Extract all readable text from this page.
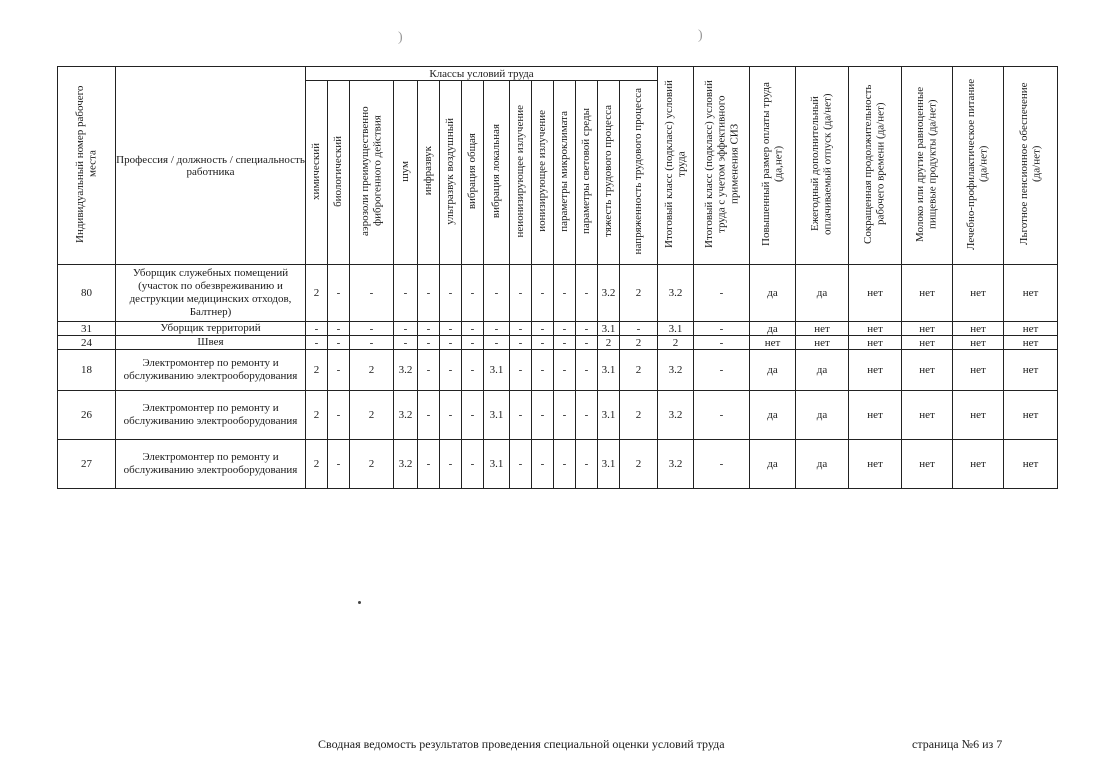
)	)
Индивидуальный номер рабочего места	Профессия / должность / специальность работника	Классы условий труда														Итоговый класс (подкласс) условий труда	Итоговый класс (подкласс) условий труда с учетом эффективного применения СИЗ	Повышенный размер оплаты труда (да,нет)	Ежегодный дополнительный оплачиваемый отпуск (да/нет)	Сокращенная продолжительность рабочего времени (да/нет)	Молоко или другие равноценные пищевые продукты (да/нет)	Лечебно-профилактическое питание (да/нет)	Льготное пенсионное обеспечение (да/нет)
		химический	биологический	аэрозоли преимущественно фиброгенного действия	шум	инфразвук	ультразвук воздушный	вибрация общая	вибрация локальная	неионизирующее излучение	ионизирующее излучение	параметры микроклимата	параметры световой среды	тяжесть трудового процесса	напряженность трудового процесса								
80	Уборщик служебных помещений (участок по обезвреживанию и деструкции медицинских отходов, Балтнер)	2	-	-	-	-	-	-	-	-	-	-	-	3.2	2	3.2	-	да	да	нет	нет	нет	нет
31	Уборщик территорий	-	-	-	-	-	-	-	-	-	-	-	-	3.1	-	3.1	-	да	нет	нет	нет	нет	нет
24	Швея	-	-	-	-	-	-	-	-	-	-	-	-	2	2	2	-	нет	нет	нет	нет	нет	нет
18	Электромонтер по ремонту и обслуживанию электрооборудования	2	-	2	3.2	-	-	-	3.1	-	-	-	-	3.1	2	3.2	-	да	да	нет	нет	нет	нет
26	Электромонтер по ремонту и обслуживанию электрооборудования	2	-	2	3.2	-	-	-	3.1	-	-	-	-	3.1	2	3.2	-	да	да	нет	нет	нет	нет
27	Электромонтер по ремонту и обслуживанию электрооборудования	2	-	2	3.2	-	-	-	3.1	-	-	-	-	3.1	2	3.2	-	да	да	нет	нет	нет	нет
Сводная ведомость результатов проведения специальной оценки условий труда	страница №6 из 7
